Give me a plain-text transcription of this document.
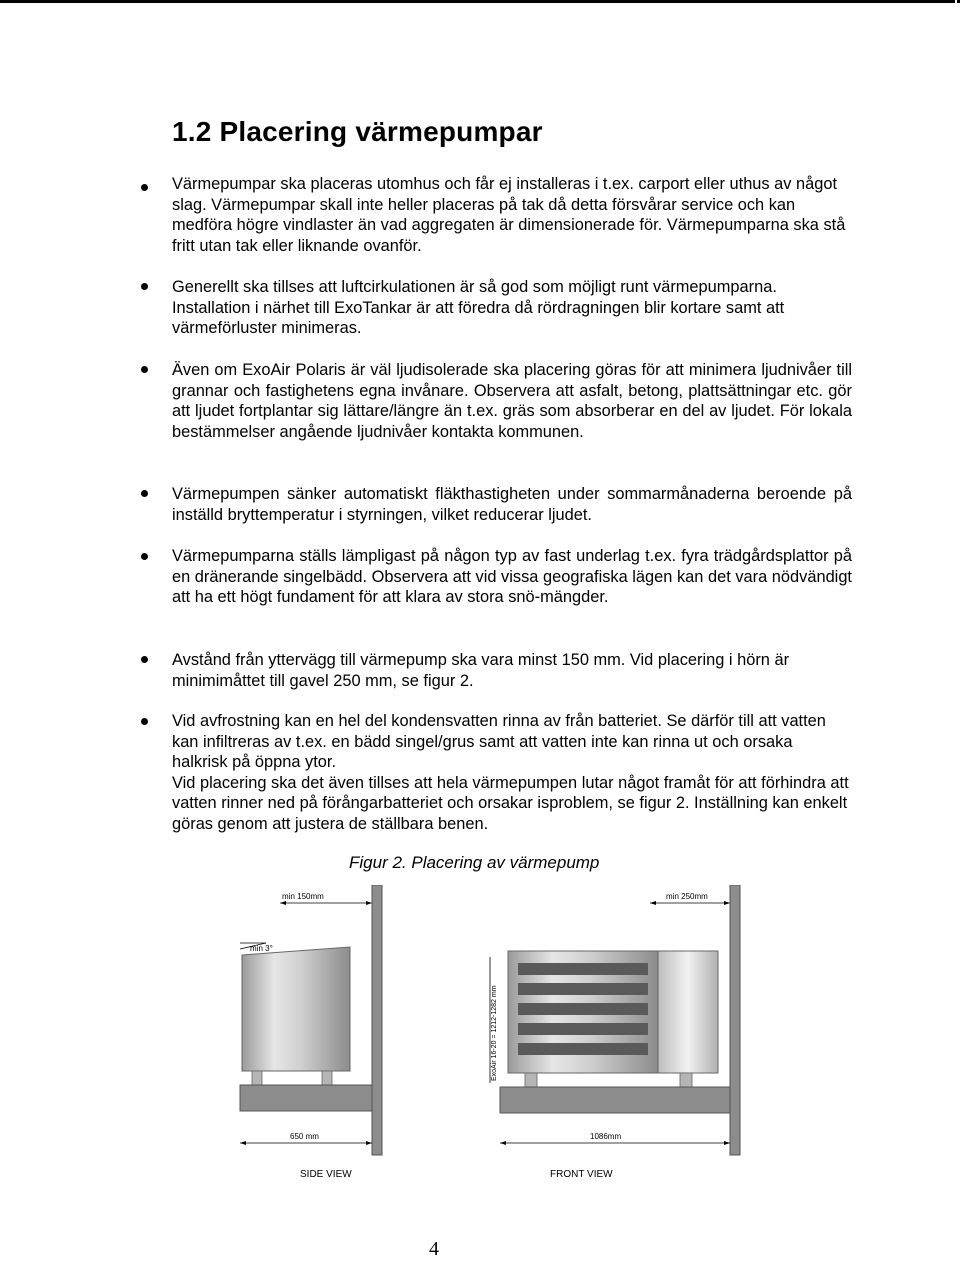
1.2 Placering värmepumpar

Värmepumpar ska placeras utomhus och får ej installeras i t.ex. carport eller uthus av något slag. Värmepumpar skall inte heller placeras på tak då detta försvårar service och kan medföra högre vindlaster än vad aggregaten är dimensionerade för. Värmepumparna ska stå fritt utan tak eller liknande ovanför.

Generellt ska tillses att luftcirkulationen är så god som möjligt runt värmepumparna. Installation i närhet till ExoTankar är att föredra då rördragningen blir kortare samt att värmeförluster minimeras.

Även om ExoAir Polaris är väl ljudisolerade ska placering göras för att minimera ljudnivåer till grannar och fastighetens egna invånare. Observera att asfalt, betong, plattsättningar etc. gör att ljudet fortplantar sig lättare/längre än t.ex. gräs som absorberar en del av ljudet. För lokala bestämmelser angående ljudnivåer kontakta kommunen.

Värmepumpen sänker automatiskt fläkthastigheten under sommarmånaderna beroende på inställd bryttemperatur i styrningen, vilket reducerar ljudet.

Värmepumparna ställs lämpligast på någon typ av fast underlag t.ex. fyra trädgårdsplattor på en dränerande singelbädd. Observera att vid vissa geografiska lägen kan det vara nödvändigt att ha ett högt fundament för att klara av stora snö-mängder.

Avstånd från yttervägg till värmepump ska vara minst 150 mm. Vid placering i hörn är minimimåttet till gavel 250 mm, se figur 2.

Vid avfrostning kan en hel del kondensvatten rinna av från batteriet. Se därför till att vatten kan infiltreras av t.ex. en bädd singel/grus samt att vatten inte kan rinna ut och orsaka halkrisk på öppna ytor.

Vid placering ska det även tillses att hela värmepumpen lutar något framåt för att förhindra att vatten rinner ned på förångarbatteriet och orsakar isproblem, se figur 2. Inställning kan enkelt göras genom att justera de ställbara benen.

Figur 2. Placering av värmepump
min 150mm
min 3°
650 mm
SIDE VIEW
min 250mm
ExoAir 16-20 = 1212-1282 mm
1086mm
FRONT VIEW
4
